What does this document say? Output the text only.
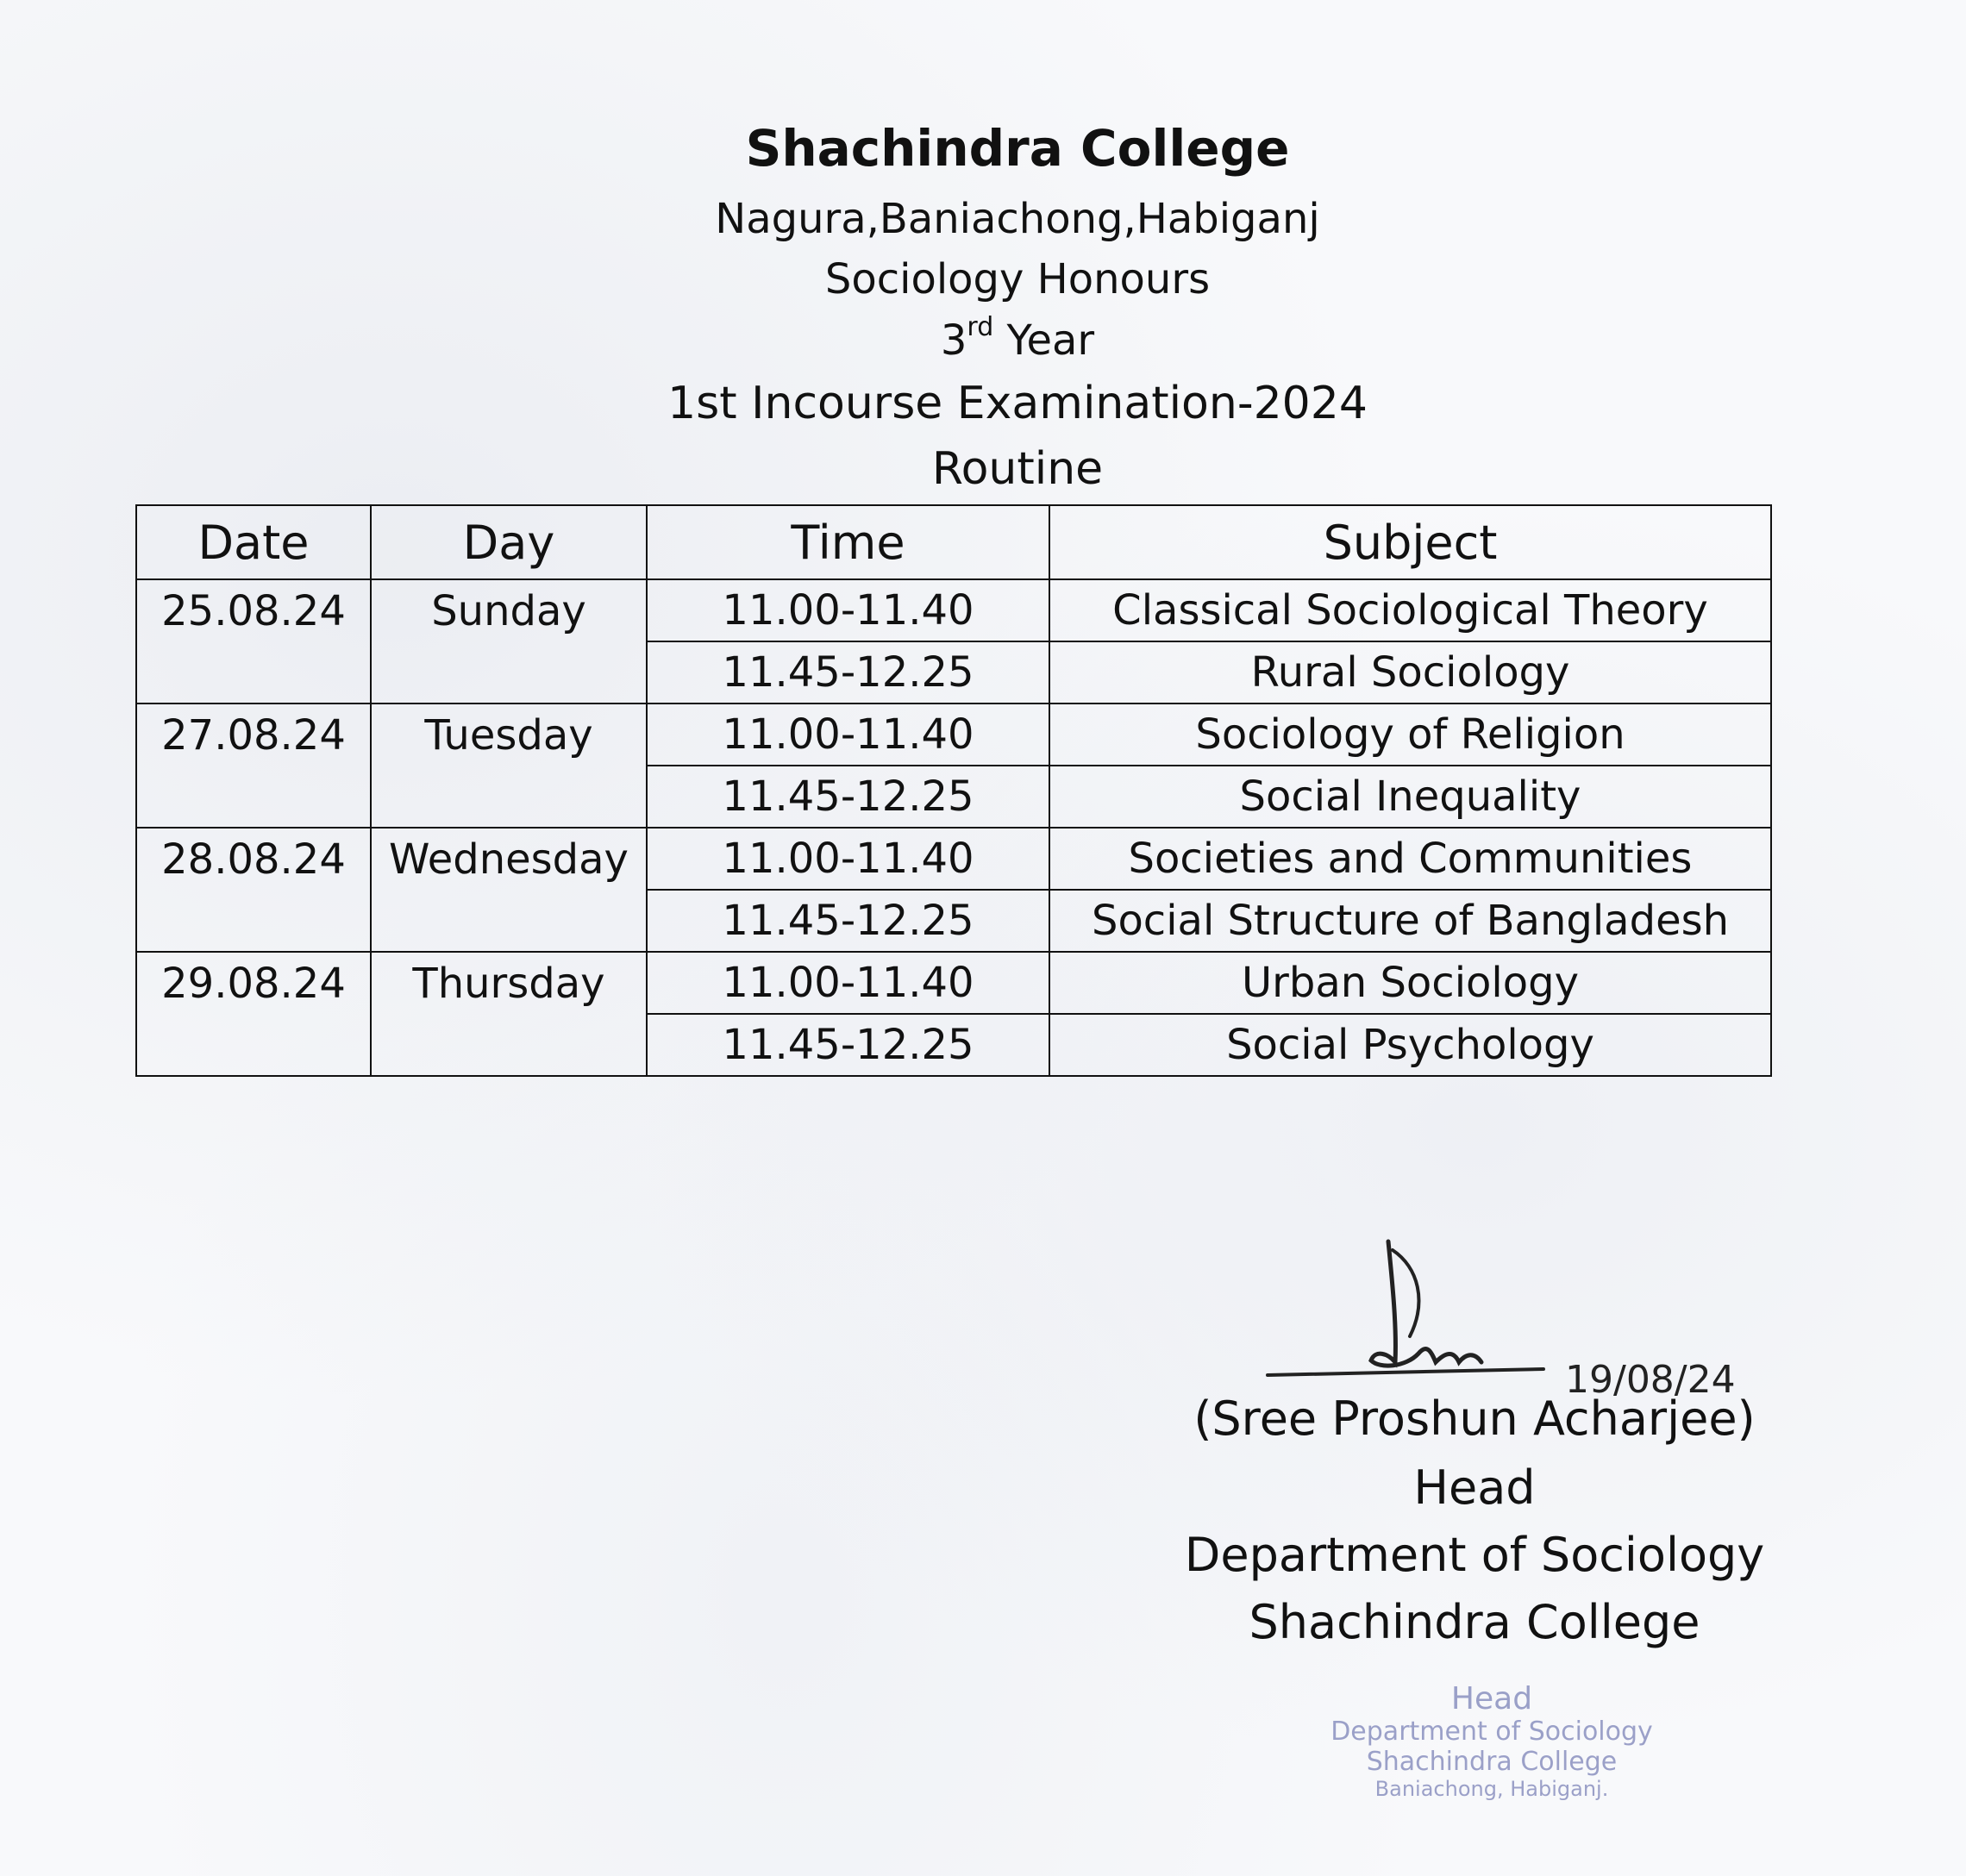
Shachindra College
Nagura,Baniachong,Habiganj
Sociology Honours
3rd Year
1st Incourse Examination-2024
Routine
Date	Day	Time	Subject
25.08.24	Sunday	11.00-11.40	Classical Sociological Theory
		11.45-12.25	Rural Sociology
27.08.24	Tuesday	11.00-11.40	Sociology of Religion
		11.45-12.25	Social Inequality
28.08.24	Wednesday	11.00-11.40	Societies and Communities
		11.45-12.25	Social Structure of Bangladesh
29.08.24	Thursday	11.00-11.40	Urban Sociology
		11.45-12.25	Social Psychology
19/08/24
(Sree Proshun Acharjee)
Head
Department of Sociology
Shachindra College
Head
Department of Sociology
Shachindra College
Baniachong, Habiganj.
